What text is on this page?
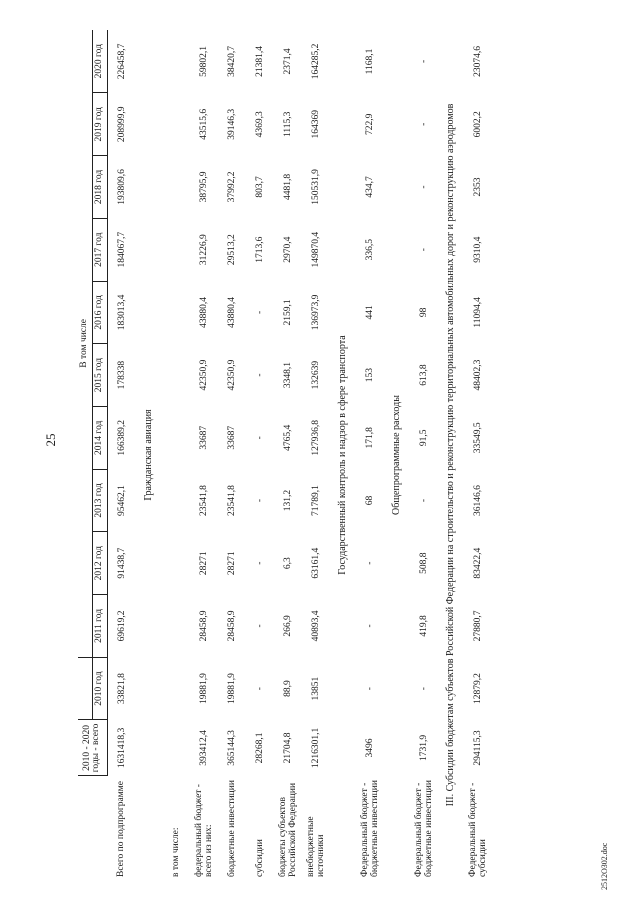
25
2512ОЗ02.doc
	2010 - 2020 годы - всего		В том числе									
		2010 год	2011 год	2012 год	2013 год	2014 год	2015 год	2016 год	2017 год	2018 год	2019 год	2020 год
Всего по подпрограмме	1631418,3	33821,8	69619,2	91438,7	95462,1	166389,2	178338	183013,4	184067,7	193809,6	208999,9	226458,7
Гражданская авиация												
в том числе:												
федеральный бюджет - всего из них:	393412,4	19881,9	28458,9	28271	23541,8	33687	42350,9	43880,4	31226,9	38795,9	43515,6	59802,1
бюджетные инвестиции	365144,3	19881,9	28458,9	28271	23541,8	33687	42350,9	43880,4	29513,2	37992,2	39146,3	38420,7
субсидии	28268,1	-	-	-	-	-	-	-	1713,6	803,7	4369,3	21381,4
бюджеты субъектов Российской Федерации	21704,8	88,9	266,9	6,3	131,2	4765,4	3348,1	2159,1	2970,4	4481,8	1115,3	2371,4
внебюджетные источники	1216301,1	13851	40893,4	63161,4	71789,1	127936,8	132639	136973,9	149870,4	150531,9	164369	164285,2
Государственный контроль и надзор в сфере транспорта												
Федеральный бюджет - бюджетные инвестиции	3496	-	-	-	68	171,8	153	441	336,5	434,7	722,9	1168,1
Общепрограммные расходы												
Федеральный бюджет - бюджетные инвестиции	1731,9	-	419,8	508,8	-	91,5	613,8	98	-	-	-	-
III. Субсидии бюджетам субъектов Российской Федерации на строительство и реконструкцию территориальных автомобильных дорог и реконструкцию аэродромов												
Федеральный бюджет - субсидии	294115,3	12879,2	27880,7	83422,4	36146,6	33549,5	48402,3	11094,4	9310,4	2353	6002,2	23074,6
